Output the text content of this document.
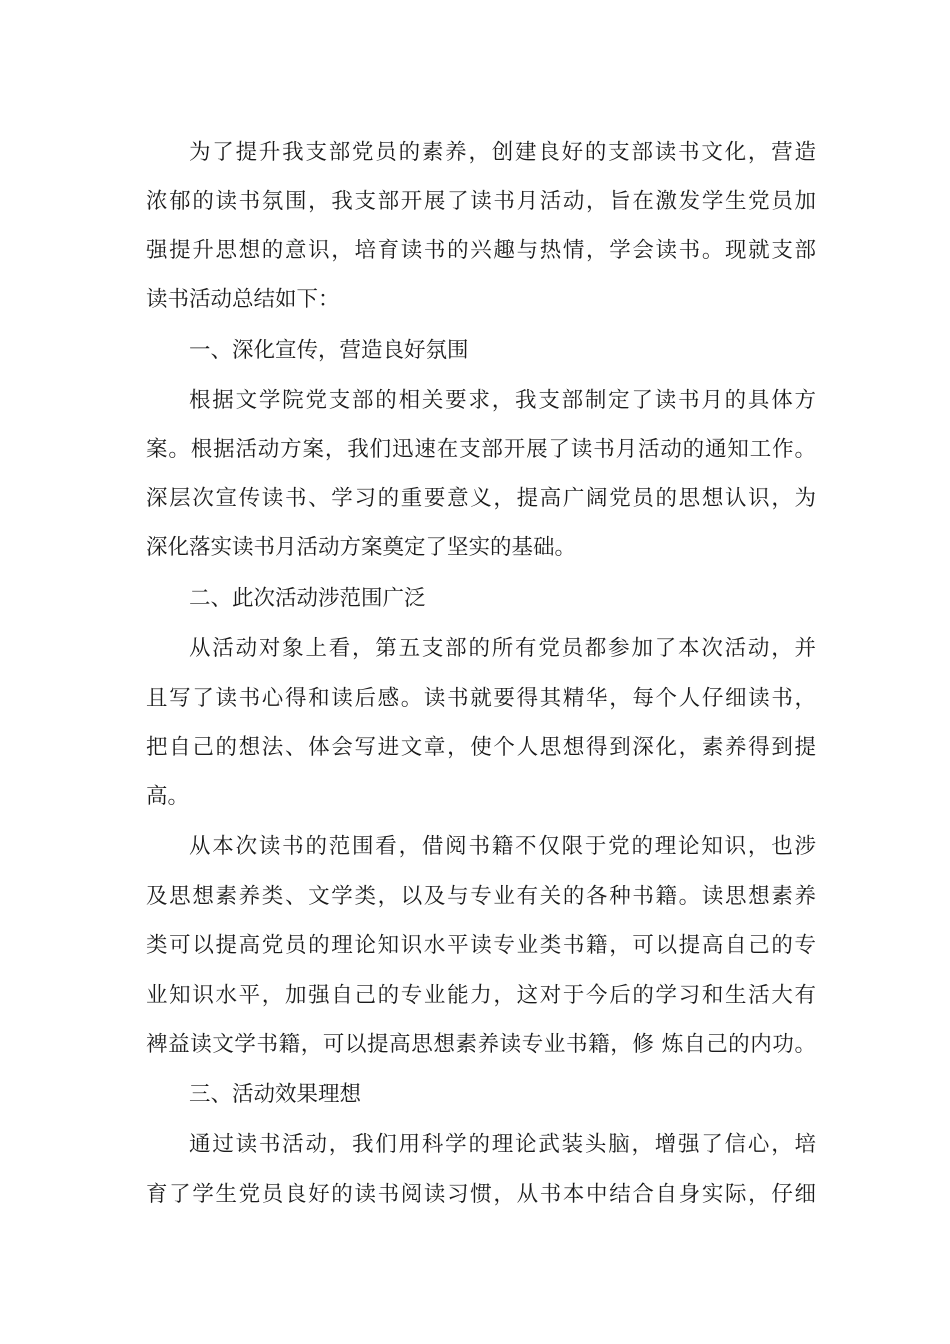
为了提升我支部党员的素养，创建良好的支部读书文化，营造
浓郁的读书氛围，我支部开展了读书月活动，旨在激发学生党员加
强提升思想的意识，培育读书的兴趣与热情，学会读书。现就支部
读书活动总结如下：
一、深化宣传，营造良好氛围
根据文学院党支部的相关要求，我支部制定了读书月的具体方
案。根据活动方案，我们迅速在支部开展了读书月活动的通知工作。
深层次宣传读书、学习的重要意义，提高广阔党员的思想认识，为
深化落实读书月活动方案奠定了坚实的基础。
二、此次活动涉范围广泛
从活动对象上看，第五支部的所有党员都参加了本次活动，并
且写了读书心得和读后感。读书就要得其精华，每个人仔细读书，
把自己的想法、体会写进文章，使个人思想得到深化，素养得到提
高。
从本次读书的范围看，借阅书籍不仅限于党的理论知识，也涉
及思想素养类、文学类，以及与专业有关的各种书籍。读思想素养
类可以提高党员的理论知识水平读专业类书籍，可以提高自己的专
业知识水平，加强自己的专业能力，这对于今后的学习和生活大有
裨益读文学书籍，可以提高思想素养读专业书籍，修 炼自己的内功。
三、活动效果理想
通过读书活动，我们用科学的理论武装头脑，增强了信心，培
育了学生党员良好的读书阅读习惯，从书本中结合自身实际，仔细
